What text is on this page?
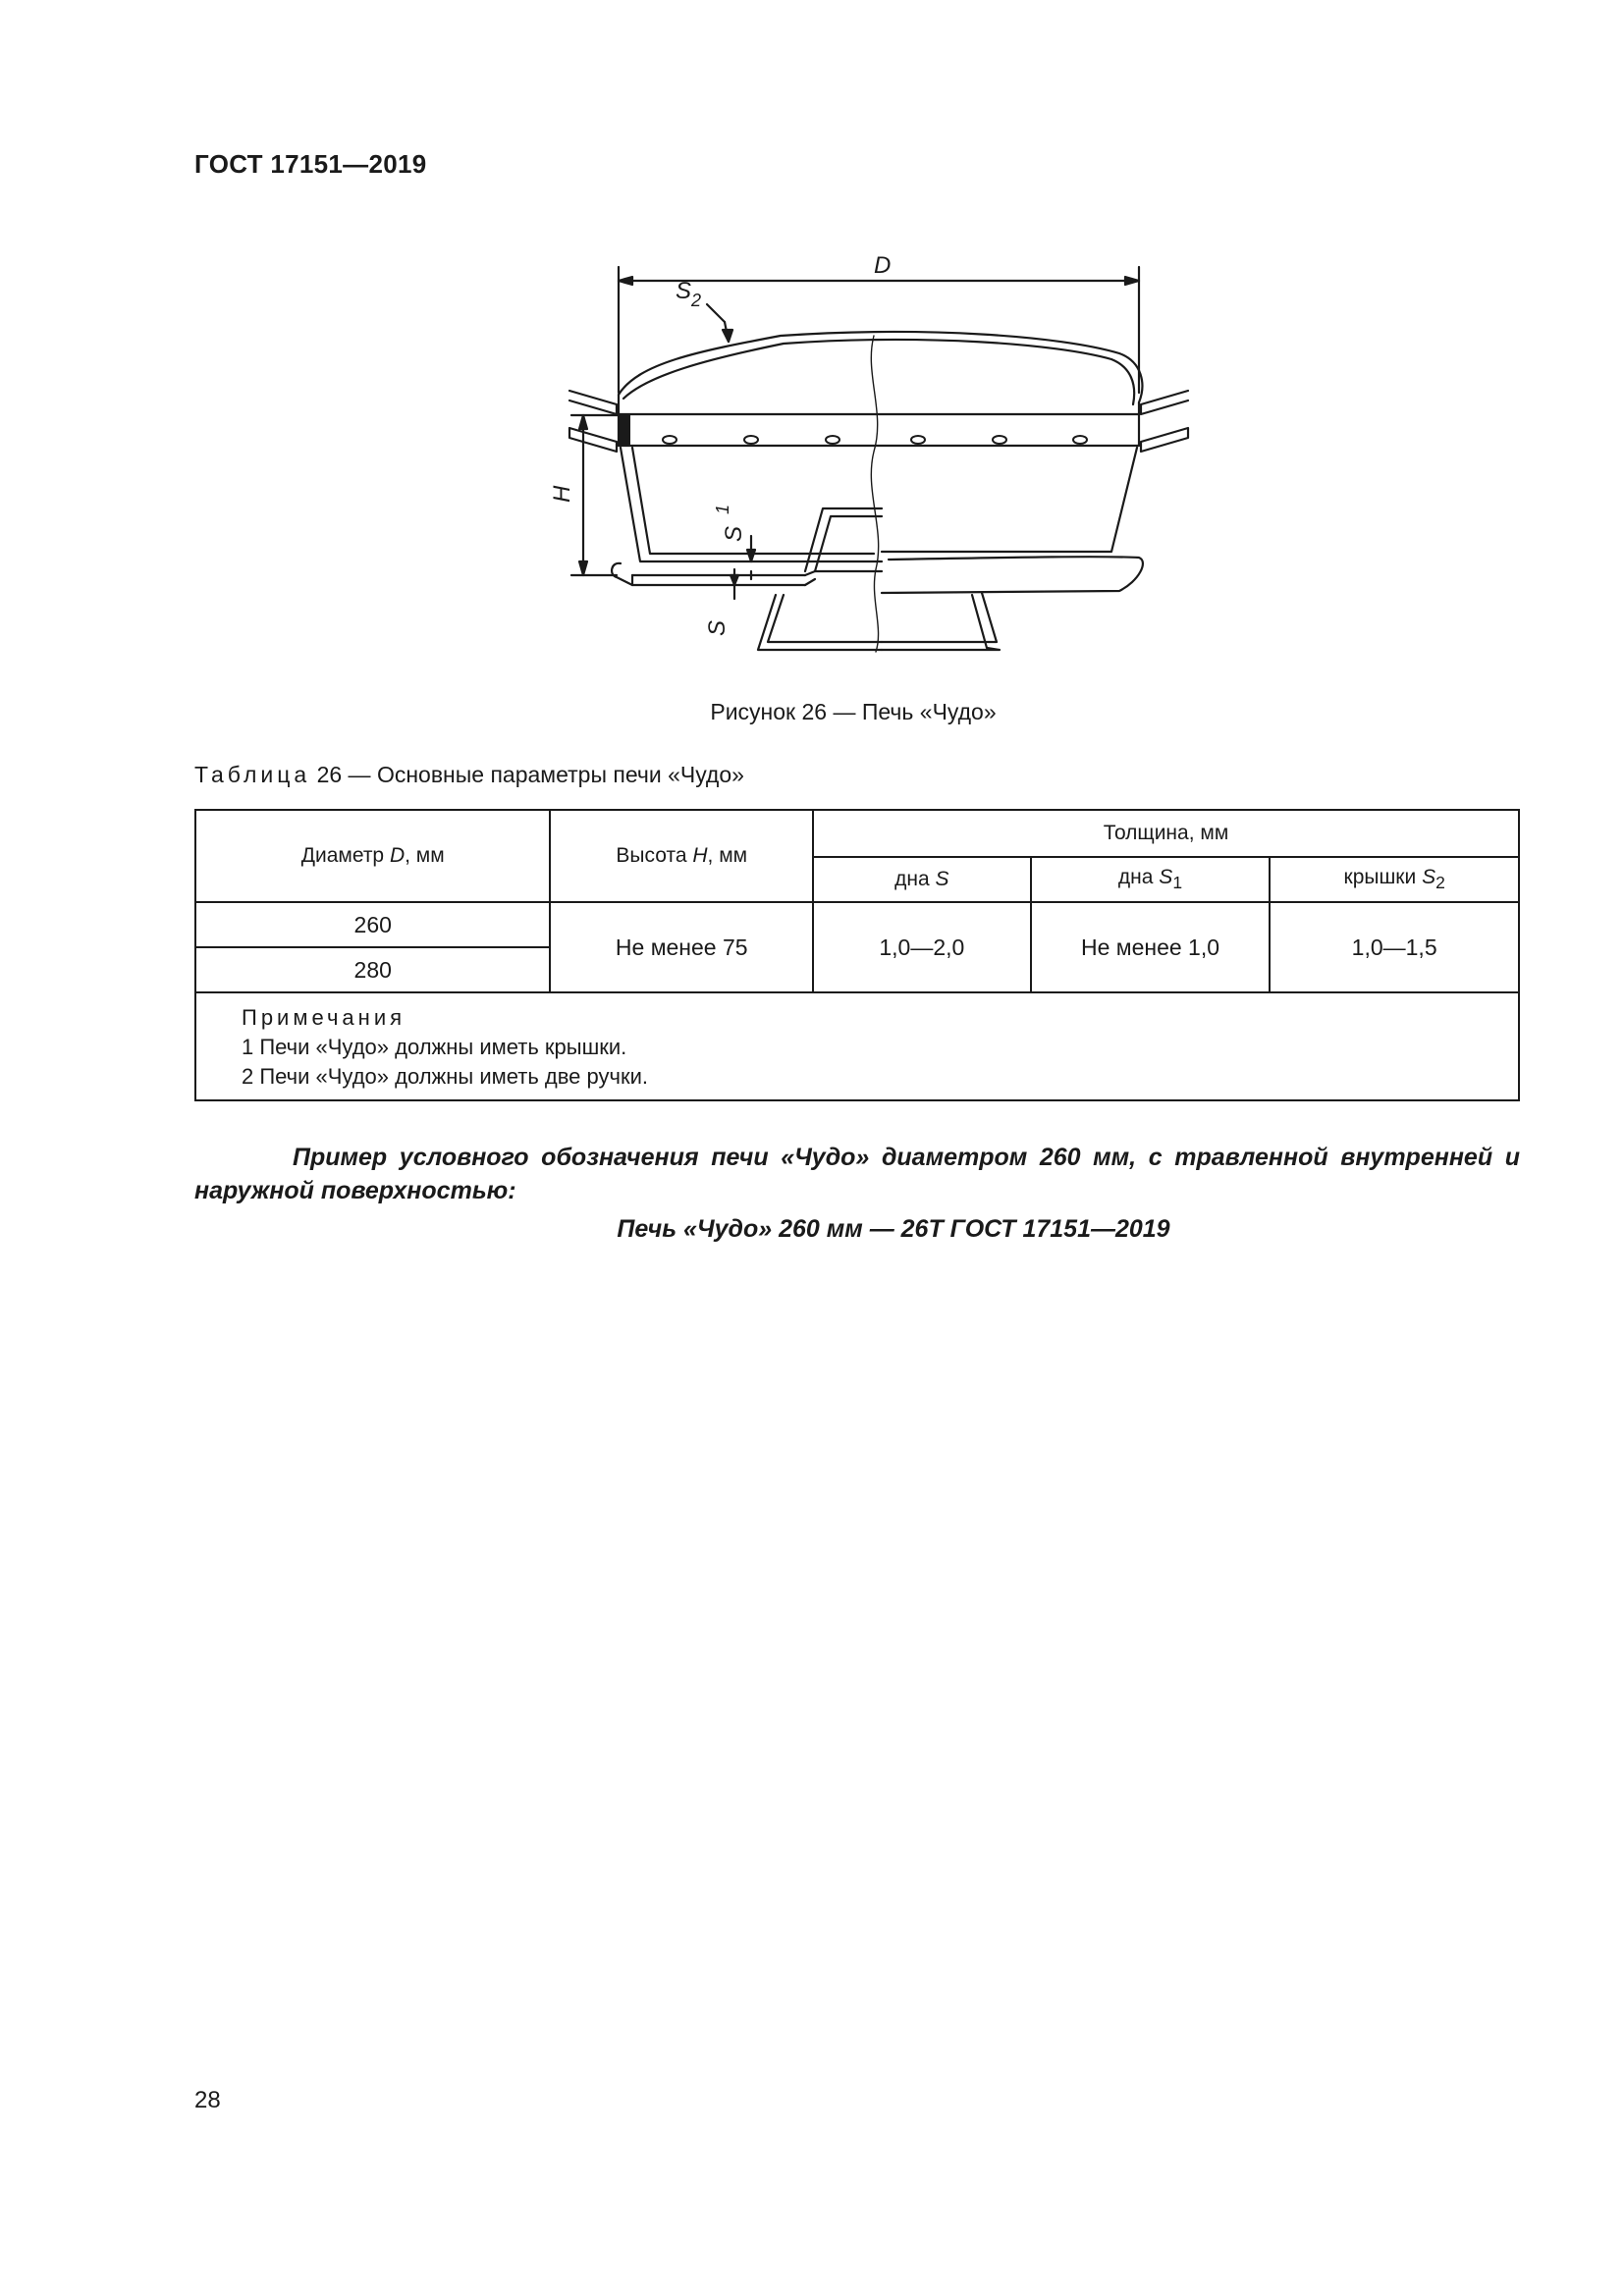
ГОСТ 17151—2019
D
S 2
H
S
1
S
Рисунок 26 — Печь «Чудо»
Таблица 26 — Основные параметры печи «Чудо»
Диаметр D, мм	Высота H, мм	Толщина, мм		
		дна S	дна $S_1$	крышки $S_2$
260	Не менее 75	1,0—2,0	Не менее 1,0	1,0—1,5
280				

Примечания
1 Печи «Чудо» должны иметь крышки.
2 Печи «Чудо» должны иметь две ручки.				
Пример условного обозначения печи «Чудо» диаметром 260 мм, с травленной внутренней и наружной поверхностью:
Печь «Чудо» 260 мм — 26Т ГОСТ 17151—2019
28
